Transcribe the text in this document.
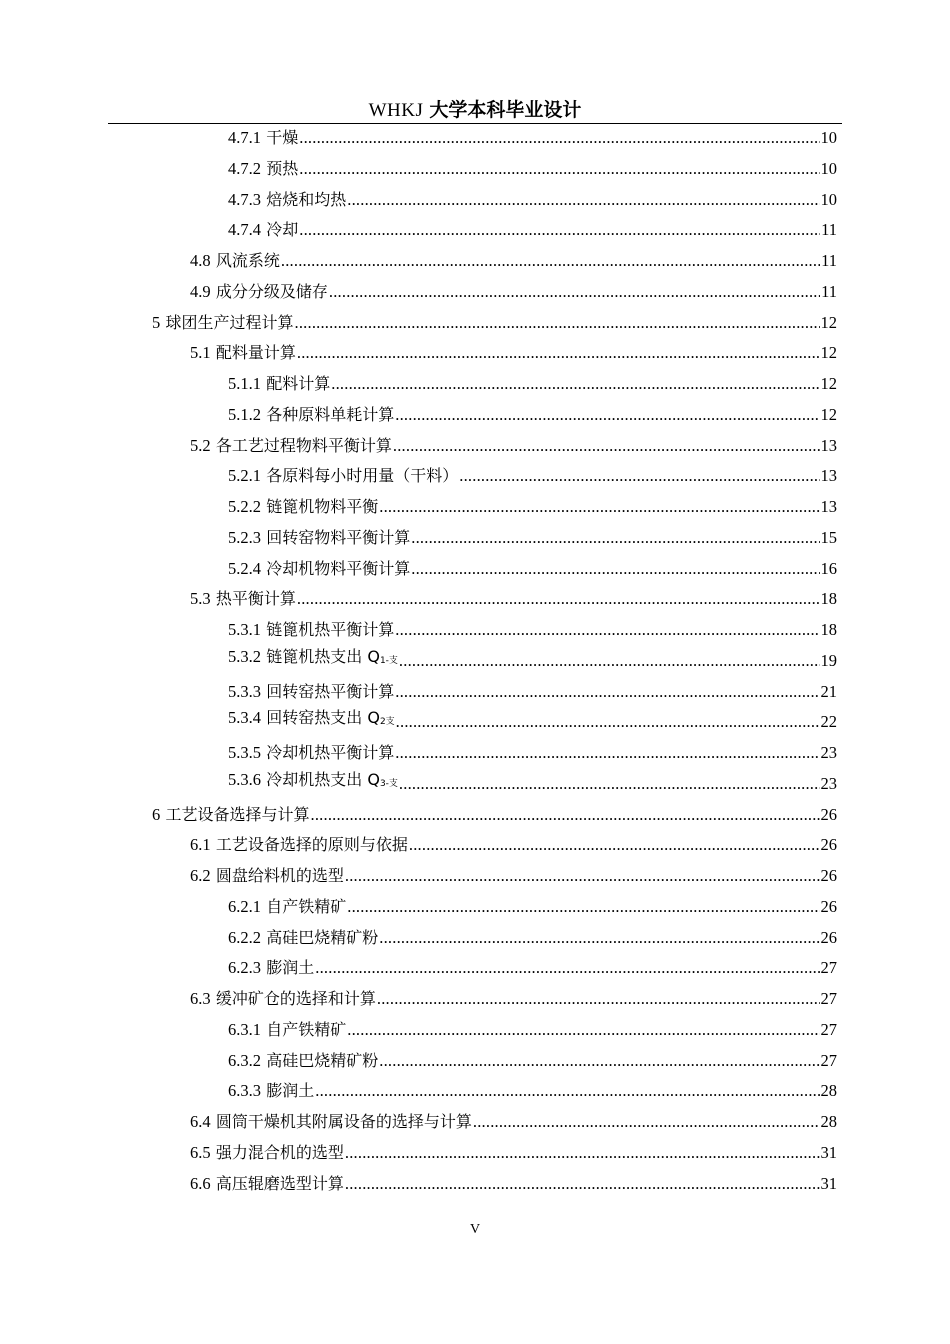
WHKJ 大学本科毕业设计
4.7.1 干燥 .....	10
4.7.2 预热 .....	10
4.7.3 焙烧和均热 .....	10
4.7.4 冷却 .....	11
4.8 风流系统 .....	11
4.9 成分分级及储存 .....	11
5 球团生产过程计算 .....	12
5.1 配料量计算 .....	12
5.1.1 配料计算 .....	12
5.1.2 各种原料单耗计算 .....	12
5.2 各工艺过程物料平衡计算 .....	13
5.2.1 各原料每小时用量（干料） .....	13
5.2.2 链篦机物料平衡 .....	13
5.2.3 回转窑物料平衡计算 .....	15
5.2.4 冷却机物料平衡计算 .....	16
5.3 热平衡计算 .....	18
5.3.1 链篦机热平衡计算 .....	18
5.3.2 链篦机热支出 $Q_{1-支}$ .....	19
5.3.3 回转窑热平衡计算 .....	21
5.3.4 回转窑热支出 $Q_{2支}$ .....	22
5.3.5 冷却机热平衡计算 .....	23
5.3.6 冷却机热支出 $Q_{3-支}$ .....	23
6 工艺设备选择与计算 .....	26
6.1 工艺设备选择的原则与依据 .....	26
6.2 圆盘给料机的选型 .....	26
6.2.1 自产铁精矿 .....	26
6.2.2 高硅巴烧精矿粉 .....	26
6.2.3 膨润土 .....	27
6.3 缓冲矿仓的选择和计算 .....	27
6.3.1 自产铁精矿 .....	27
6.3.2 高硅巴烧精矿粉 .....	27
6.3.3 膨润土 .....	28
6.4 圆筒干燥机其附属设备的选择与计算 .....	28
6.5 强力混合机的选型 .....	31
6.6 高压辊磨选型计算 .....	31
V
